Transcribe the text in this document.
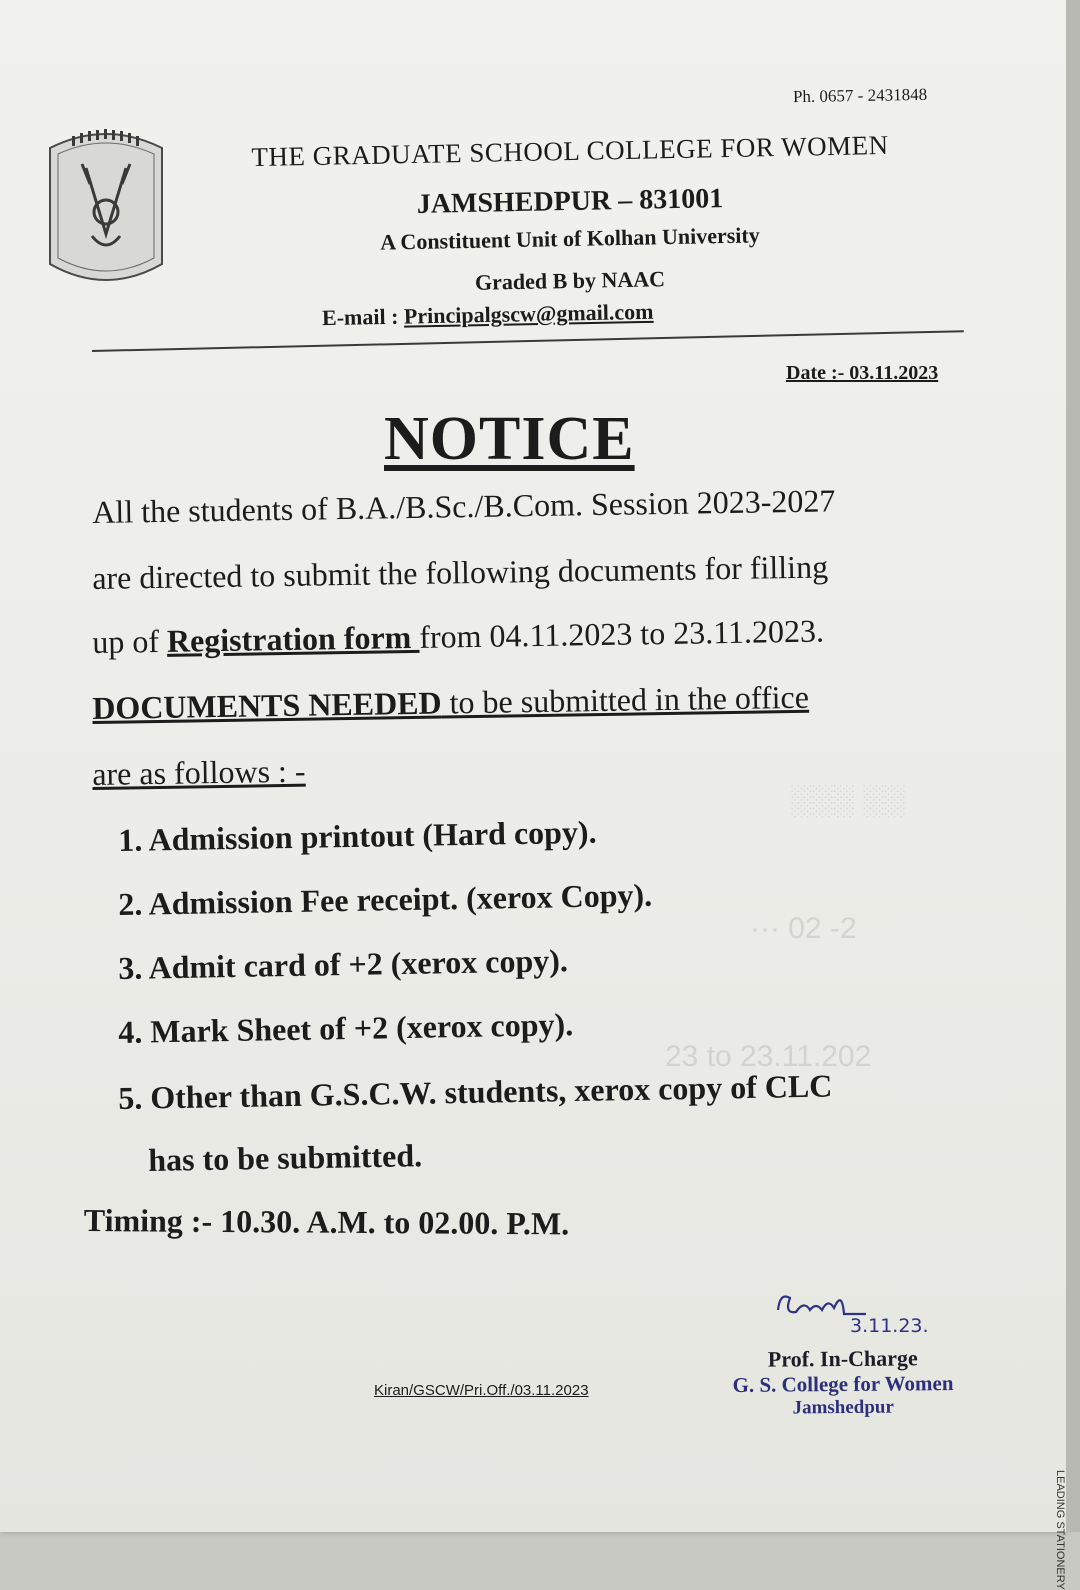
LEADING STATIONERY
░░░ ░░
··· 02 -2
23 to 23.11.202
Ph. 0657 - 2431848
THE GRADUATE SCHOOL COLLEGE FOR WOMEN
JAMSHEDPUR – 831001
A Constituent Unit of Kolhan University
Graded B by NAAC
E-mail : Principalgscw@gmail.com
Date :- 03.11.2023
NOTICE
All the students of B.A./B.Sc./B.Com. Session 2023-2027
are directed to submit the following documents for filling
up of Registration form from 04.11.2023 to 23.11.2023.
DOCUMENTS NEEDED to be submitted in the office
are as follows : -
1. Admission printout (Hard copy).
2. Admission Fee receipt. (xerox Copy).
3. Admit card of +2 (xerox copy).
4. Mark Sheet of +2 (xerox copy).
5. Other than G.S.C.W. students, xerox copy of CLC
has to be submitted.
Timing :- 10.30. A.M. to 02.00. P.M.
Kiran/GSCW/Pri.Off./03.11.2023
3.11.23.
Prof. In-Charge
G. S. College for Women
Jamshedpur
